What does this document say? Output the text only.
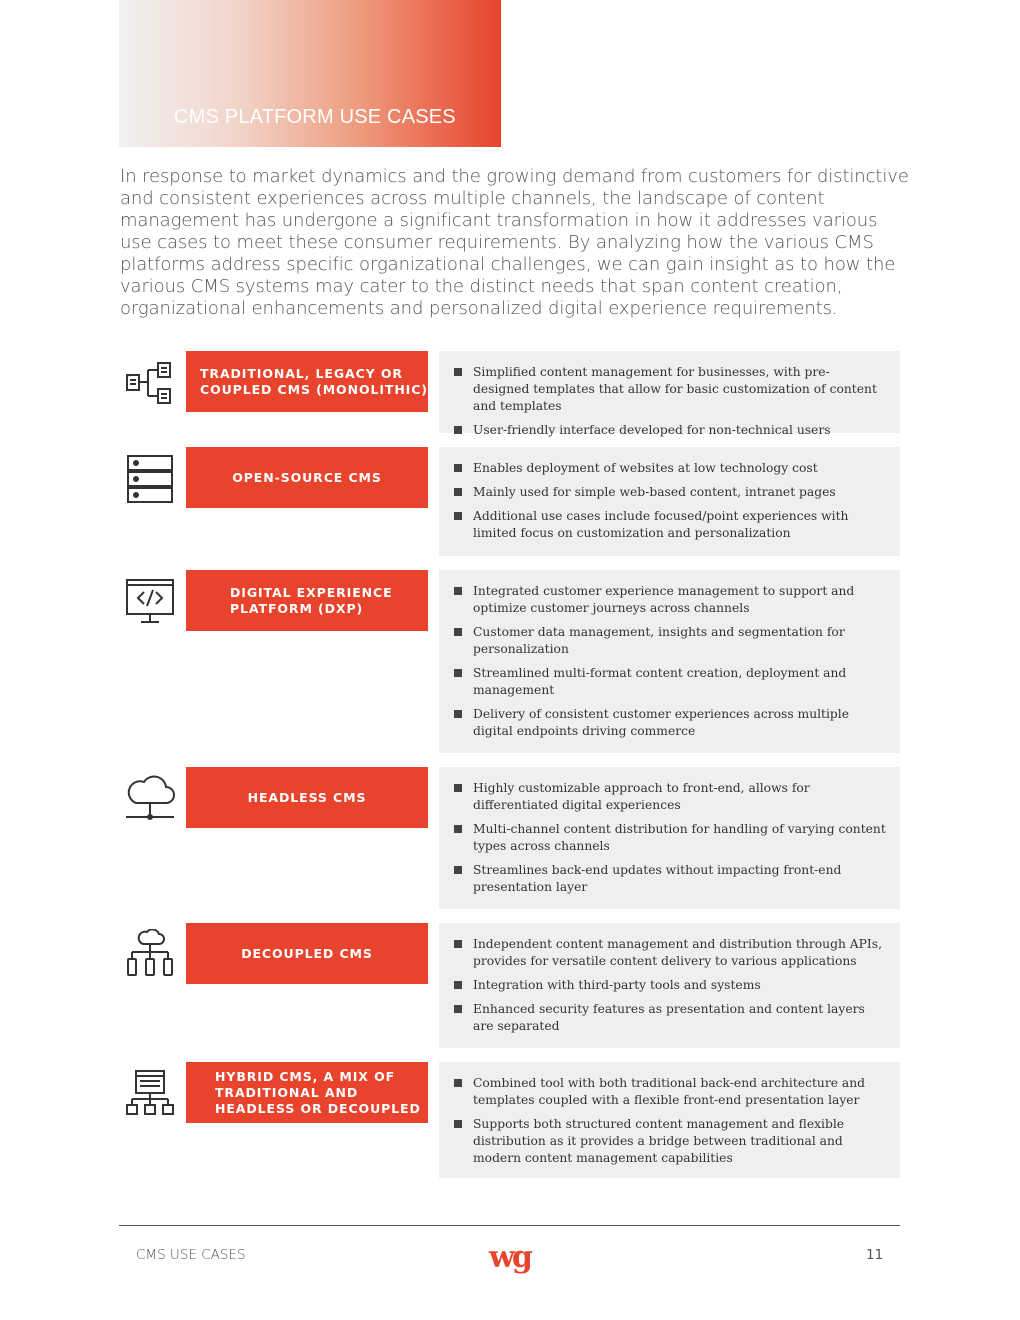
CMS PLATFORM USE CASES

In response to market dynamics and the growing demand from customers for distinctive and consistent experiences across multiple channels, the landscape of content management has undergone a significant transformation in how it addresses various use cases to meet these consumer requirements. By analyzing how the various CMS platforms address specific organizational challenges, we can gain insight as to how the various CMS systems may cater to the distinct needs that span content creation, organizational enhancements and personalized digital experience requirements.

TRADITIONAL, LEGACY OR COUPLED CMS (MONOLITHIC)
Simplified content management for businesses, with pre-designed templates that allow for basic customization of content and templates
User-friendly interface developed for non-technical users
OPEN-SOURCE CMS
Enables deployment of websites at low technology cost
Mainly used for simple web-based content, intranet pages
Additional use cases include focused/point experiences with limited focus on customization and personalization
DIGITAL EXPERIENCE PLATFORM (DXP)
Integrated customer experience management to support and optimize customer journeys across channels
Customer data management, insights and segmentation for personalization
Streamlined multi-format content creation, deployment and management
Delivery of consistent customer experiences across multiple digital endpoints driving commerce
HEADLESS CMS
Highly customizable approach to front-end, allows for differentiated digital experiences
Multi-channel content distribution for handling of varying content types across channels
Streamlines back-end updates without impacting front-end presentation layer
DECOUPLED CMS
Independent content management and distribution through APIs, provides for versatile content delivery to various applications
Integration with third-party tools and systems
Enhanced security features as presentation and content layers are separated
HYBRID CMS, A MIX OF TRADITIONAL AND HEADLESS OR DECOUPLED
Combined tool with both traditional back-end architecture and templates coupled with a flexible front-end presentation layer
Supports both structured content management and flexible distribution as it provides a bridge between traditional and modern content management capabilities
CMS USE CASES	wg	11
